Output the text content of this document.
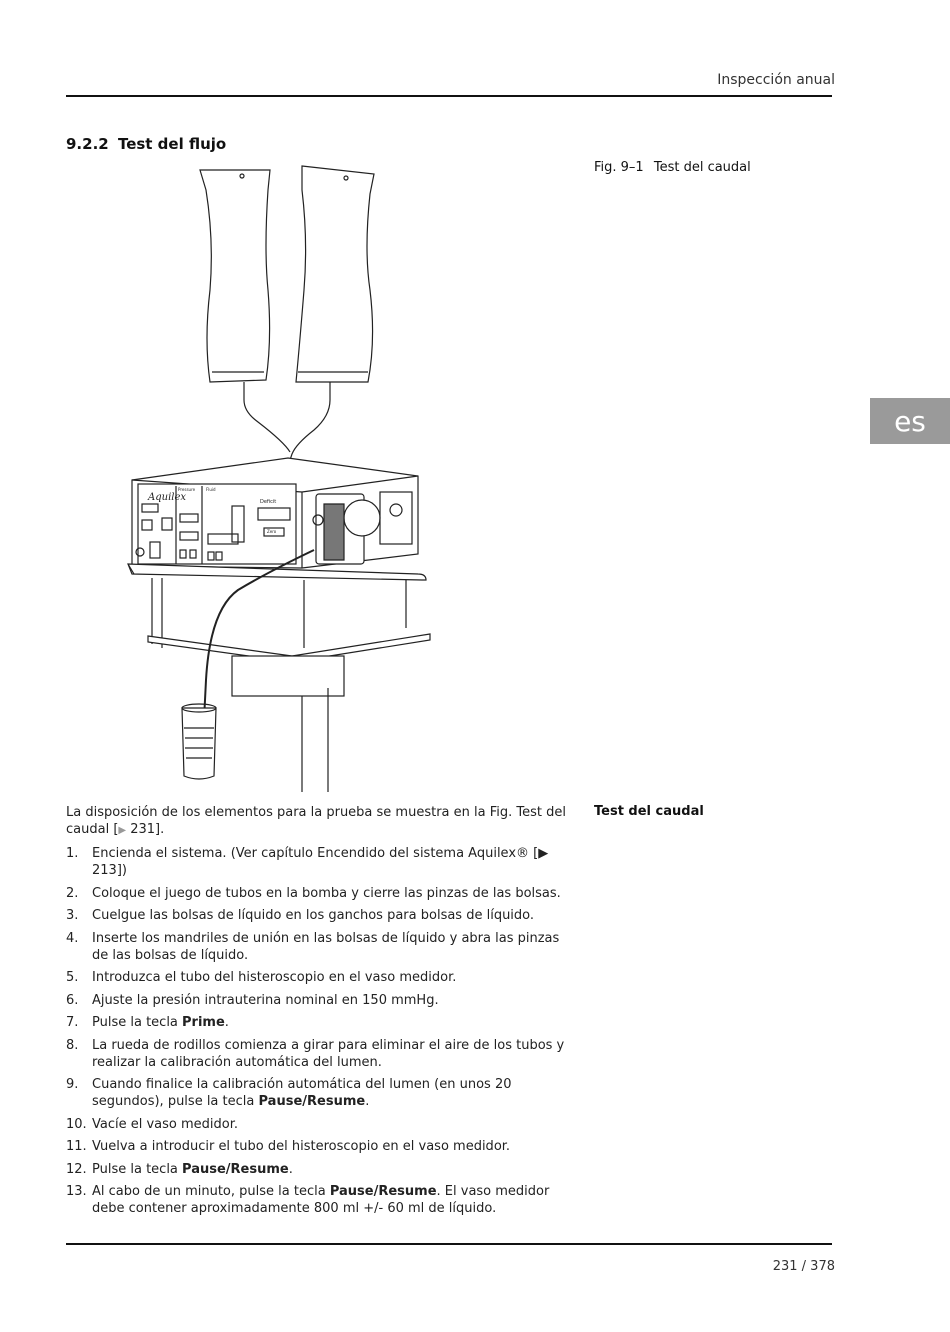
Inspección anual
9.2.2 Test del flujo
Fig. 9–1 Test del caudal
Aquilex
Pressure	Fluid
Deficit
Zero
es
Test del caudal
La disposición de los elementos para la prueba se muestra en la Fig. Test del caudal [▶ 231].
1. Encienda el sistema. (Ver capítulo Encendido del sistema Aquilex® [▶ 213])
2. Coloque el juego de tubos en la bomba y cierre las pinzas de las bolsas.
3. Cuelgue las bolsas de líquido en los ganchos para bolsas de líquido.
4. Inserte los mandriles de unión en las bolsas de líquido y abra las pinzas de las bolsas de líquido.
5. Introduzca el tubo del histeroscopio en el vaso medidor.
6. Ajuste la presión intrauterina nominal en 150 mmHg.
7. Pulse la tecla Prime.
8. La rueda de rodillos comienza a girar para eliminar el aire de los tubos y realizar la calibración automática del lumen.
9. Cuando finalice la calibración automática del lumen (en unos 20 segundos), pulse la tecla Pause/Resume.
10. Vacíe el vaso medidor.
11. Vuelva a introducir el tubo del histeroscopio en el vaso medidor.
12. Pulse la tecla Pause/Resume.
13. Al cabo de un minuto, pulse la tecla Pause/Resume. El vaso medidor debe contener aproximadamente 800 ml +/- 60 ml de líquido.
231 / 378
